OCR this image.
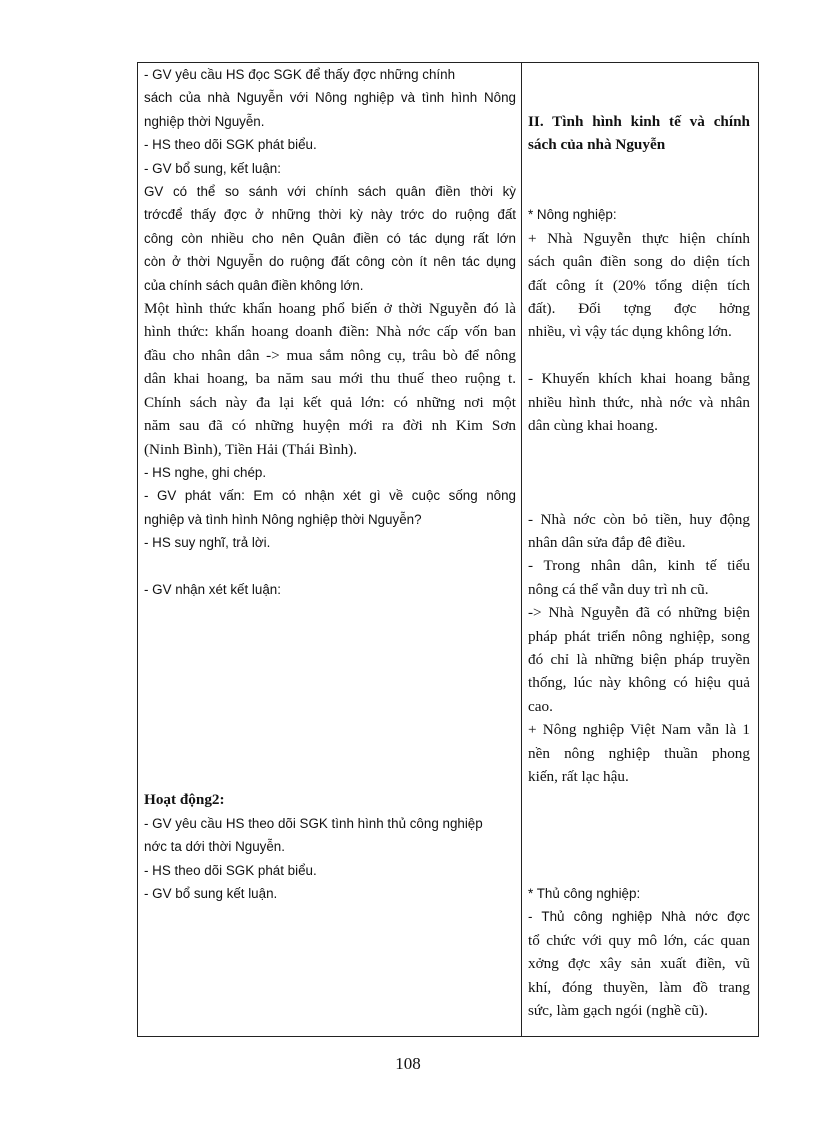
- GV yêu cầu HS đọc SGK để thấy đợc những chính
sách của nhà Nguyễn với Nông nghiệp và tình hình Nông
nghiệp thời Nguyễn.
- HS theo dõi SGK phát biểu.
- GV bổ sung, kết luận:
GV có thể so sánh với chính sách quân điền thời kỳ
trớcđể thấy đợc ở những thời kỳ này trớc do ruộng đất
công còn nhiều cho nên Quân điền có tác dụng rất lớn
còn ở thời Nguyễn do ruộng đất công còn ít nên tác dụng
của chính sách quân điền không lớn.
Một hình thức khẩn hoang phổ biến ở thời Nguyễn đó là
hình thức: khẩn hoang doanh điền: Nhà nớc cấp vốn ban
đầu cho nhân dân -> mua sắm nông cụ, trâu bò để nông
dân khai hoang, ba năm sau mới thu thuế theo ruộng t.
Chính sách này đa lại kết quả lớn: có những nơi một
năm sau đã có những huyện mới ra đời nh Kim Sơn
(Ninh Bình), Tiền Hải (Thái Bình).
- HS nghe, ghi chép.
- GV phát vấn: Em có nhận xét gì về cuộc sống nông
nghiệp và tình hình Nông nghiệp thời Nguyễn?
- HS suy nghĩ, trả lời.
- GV nhận xét kết luận:
Hoạt động2:
- GV yêu cầu HS theo dõi SGK tình hình thủ công nghiệp
nớc ta dới thời Nguyễn.
- HS theo dõi SGK phát biểu.
- GV bổ sung kết luận.
II. Tình hình kinh tế và chính
sách của nhà Nguyễn
* Nông nghiệp:
+ Nhà Nguyễn thực hiện chính
sách quân điền song do diện tích
đất công ít (20% tổng diện tích
đất). Đối tợng đợc hởng
nhiều, vì vậy tác dụng không lớn.
- Khuyến khích khai hoang bằng
nhiều hình thức, nhà nớc và nhân
dân cùng khai hoang.
- Nhà nớc còn bỏ tiền, huy động
nhân dân sửa đắp đê điều.
- Trong nhân dân, kinh tế tiểu
nông cá thể vẫn duy trì nh cũ.
-> Nhà Nguyễn đã có những biện
pháp phát triển nông nghiệp, song
đó chỉ là những biện pháp truyền
thống, lúc này không có hiệu quả
cao.
+ Nông nghiệp Việt Nam vẫn là 1
nền nông nghiệp thuần phong
kiến, rất lạc hậu.
* Thủ công nghiệp:
- Thủ công nghiệp Nhà nớc đợc
tổ chức với quy mô lớn, các quan
xởng đợc xây sản xuất điền, vũ
khí, đóng thuyền, làm đồ trang
sức, làm gạch ngói (nghề cũ).
108
